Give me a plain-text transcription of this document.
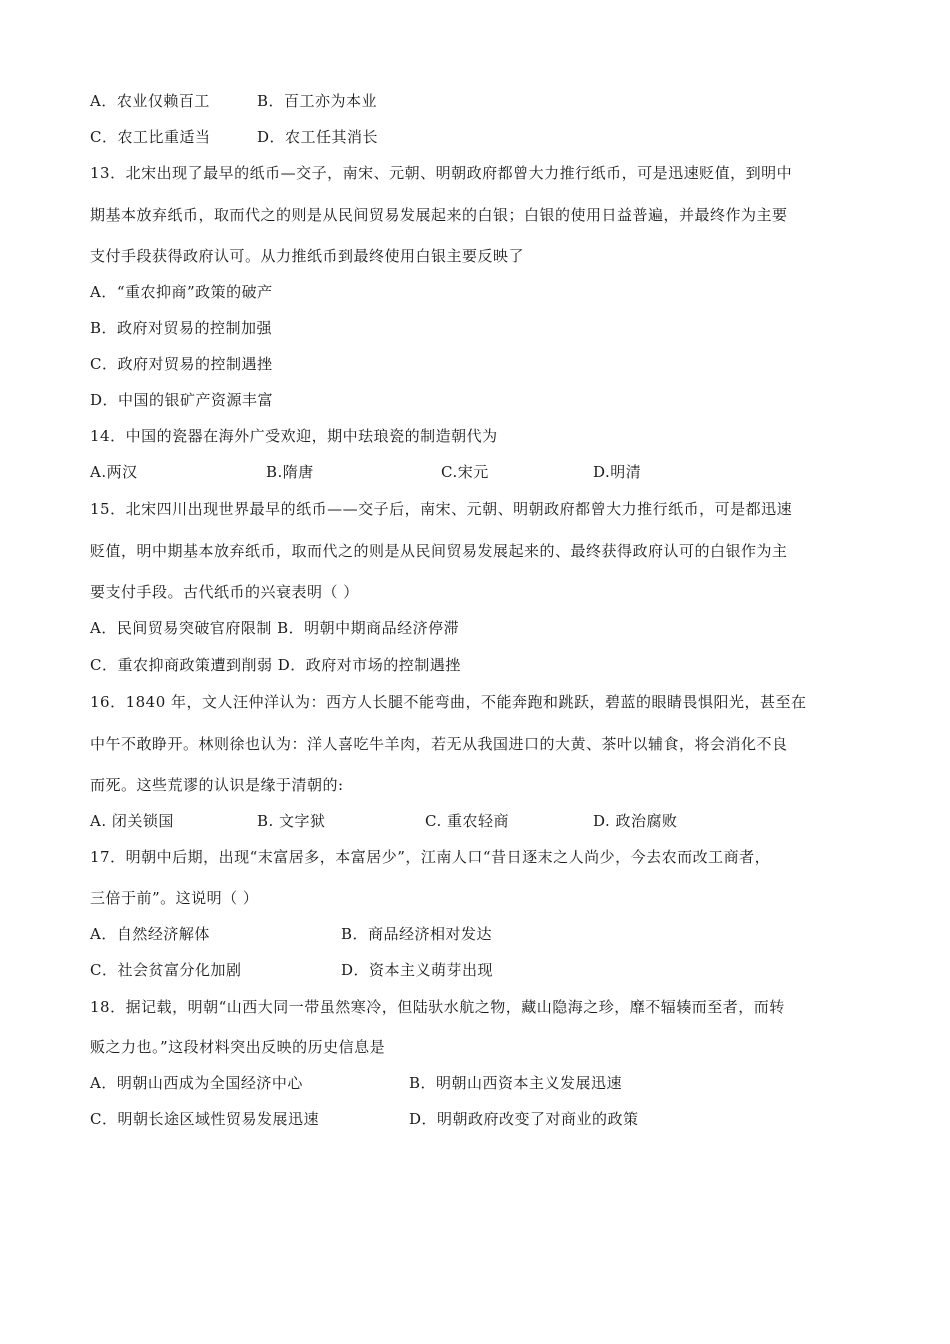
A．农业仅赖百工	B．百工亦为本业
C．农工比重适当	D．农工任其消长
13．北宋出现了最早的纸币—交子，南宋、元朝、明朝政府都曾大力推行纸币，可是迅速贬值，到明中
期基本放弃纸币，取而代之的则是从民间贸易发展起来的白银；白银的使用日益普遍，并最终作为主要
支付手段获得政府认可。从力推纸币到最终使用白银主要反映了
A．“重农抑商”政策的破产
B．政府对贸易的控制加强
C．政府对贸易的控制遇挫
D．中国的银矿产资源丰富
14．中国的瓷器在海外广受欢迎，期中珐琅瓷的制造朝代为
A.两汉	B.隋唐	C.宋元	D.明清
15．北宋四川出现世界最早的纸币——交子后，南宋、元朝、明朝政府都曾大力推行纸币，可是都迅速
贬值，明中期基本放弃纸币，取而代之的则是从民间贸易发展起来的、最终获得政府认可的白银作为主
要支付手段。古代纸币的兴衰表明（ ）
A．民间贸易突破官府限制 B．明朝中期商品经济停滞
C．重农抑商政策遭到削弱 D．政府对市场的控制遇挫
16．1840 年，文人汪仲洋认为：西方人长腿不能弯曲，不能奔跑和跳跃，碧蓝的眼睛畏惧阳光，甚至在
中午不敢睁开。林则徐也认为：洋人喜吃牛羊肉，若无从我国进口的大黄、茶叶以辅食，将会消化不良
而死。这些荒谬的认识是缘于清朝的:
A. 闭关锁国	B. 文字狱	C. 重农轻商	D. 政治腐败
17．明朝中后期，出现“末富居多，本富居少”，江南人口“昔日逐末之人尚少，今去农而改工商者，
三倍于前”。这说明（ ）
A．自然经济解体	B．商品经济相对发达
C．社会贫富分化加剧	D．资本主义萌芽出现
18．据记载，明朝“山西大同一带虽然寒冷，但陆驮水航之物，藏山隐海之珍，靡不辐辏而至者，而转
贩之力也。”这段材料突出反映的历史信息是
A．明朝山西成为全国经济中心	B．明朝山西资本主义发展迅速
C．明朝长途区域性贸易发展迅速	D．明朝政府改变了对商业的政策
